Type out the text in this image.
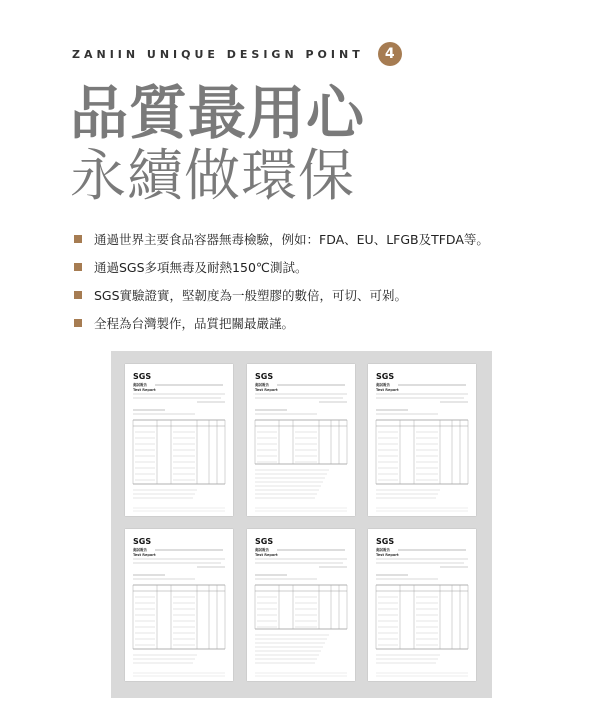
ZANIIN UNIQUE DESIGN POINT	4
品質最用心
永續做環保
通過世界主要食品容器無毒檢驗，例如：FDA、EU、LFGB及TFDA等。
通過SGS多項無毒及耐熱150℃測試。
SGS實驗證實，堅韌度為一般塑膠的數倍，可切、可剁。
全程為台灣製作，品質把關最嚴謹。
SGS
測試報告
Test Report
SGS
測試報告
Test Report
SGS
測試報告
Test Report
SGS
測試報告
Test Report
SGS
測試報告
Test Report
SGS
測試報告
Test Report
